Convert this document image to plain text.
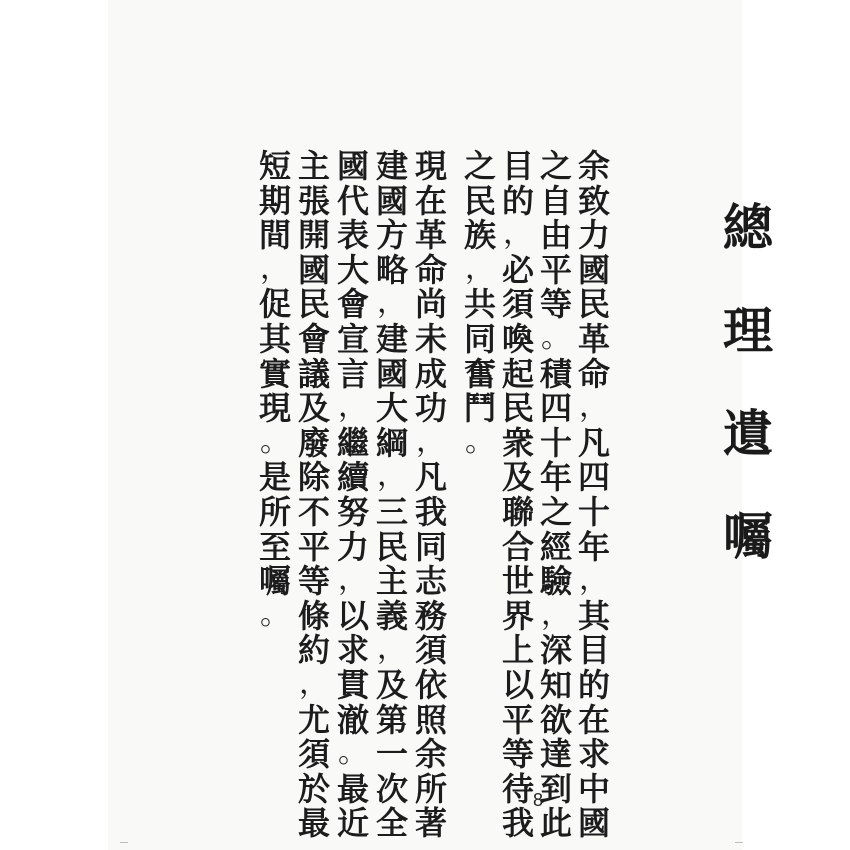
總
理
遺
囑
余
致
力
國
民
革
命
，
凡
四
十
年
，
其
目
的
在
求
中
國
之
自
由
平
等
。
積
四
十
年
之
經
驗
，
深
知
欲
達
到
此
目
的
，
必
須
喚
起
民
衆
及
聯
合
世
界
上
以
平
等
待
我
之
民
族
，
共
同
奮
鬥
。
現
在
革
命
尚
未
成
功
，
凡
我
同
志
務
須
依
照
余
所
著
建
國
方
略
，
建
國
大
綱
，
三
民
主
義
，
及
第
一
次
全
國
代
表
大
會
宣
言
，
繼
續
努
力
，
以
求
貫
澈
。
最
近
主
張
開
國
民
會
議
及
廢
除
不
平
等
條
約
，
尤
須
於
最
短
期
間
，
促
其
實
現
。
是
所
至
囑
。
8
